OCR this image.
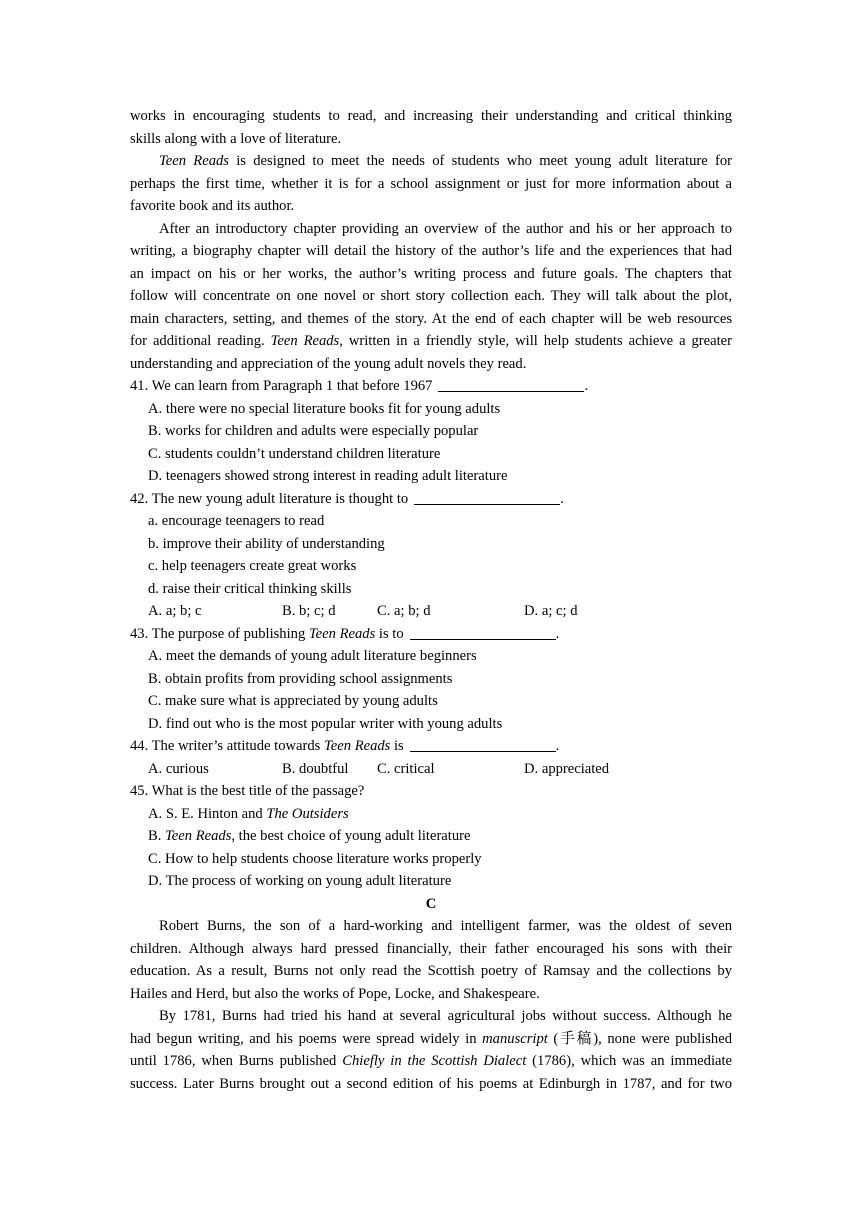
works in encouraging students to read, and increasing their understanding and critical thinking
skills along with a love of literature.
Teen Reads is designed to meet the needs of students who meet young adult literature for
perhaps the first time, whether it is for a school assignment or just for more information about a
favorite book and its author.
After an introductory chapter providing an overview of the author and his or her approach to
writing, a biography chapter will detail the history of the author’s life and the experiences that had
an impact on his or her works, the author’s writing process and future goals. The chapters that
follow will concentrate on one novel or short story collection each. They will talk about the plot,
main characters, setting, and themes of the story. At the end of each chapter will be web resources
for additional reading. Teen Reads, written in a friendly style, will help students achieve a greater
understanding and appreciation of the young adult novels they read.
41. We can learn from Paragraph 1 that before 1967	.
A. there were no special literature books fit for young adults
B. works for children and adults were especially popular
C. students couldn’t understand children literature
D. teenagers showed strong interest in reading adult literature
42. The new young adult literature is thought to	.
a. encourage teenagers to read
b. improve their ability of understanding
c. help teenagers create great works
d. raise their critical thinking skills
A. a; b; c	B. b; c; d	C. a; b; d	D. a; c; d
43. The purpose of publishing Teen Reads is to	.
A. meet the demands of young adult literature beginners
B. obtain profits from providing school assignments
C. make sure what is appreciated by young adults
D. find out who is the most popular writer with young adults
44. The writer’s attitude towards Teen Reads is	.
A. curious	B. doubtful C. critical	D. appreciated
45. What is the best title of the passage?
A. S. E. Hinton and The Outsiders
B. Teen Reads, the best choice of young adult literature
C. How to help students choose literature works properly
D. The process of working on young adult literature
C
Robert Burns, the son of a hard-working and intelligent farmer, was the oldest of seven
children. Although always hard pressed financially, their father encouraged his sons with their
education. As a result, Burns not only read the Scottish poetry of Ramsay and the collections by
Hailes and Herd, but also the works of Pope, Locke, and Shakespeare.
By 1781, Burns had tried his hand at several agricultural jobs without success. Although he
had begun writing, and his poems were spread widely in manuscript (手稿), none were published
until 1786, when Burns published Chiefly in the Scottish Dialect (1786), which was an immediate
success. Later Burns brought out a second edition of his poems at Edinburgh in 1787, and for two
